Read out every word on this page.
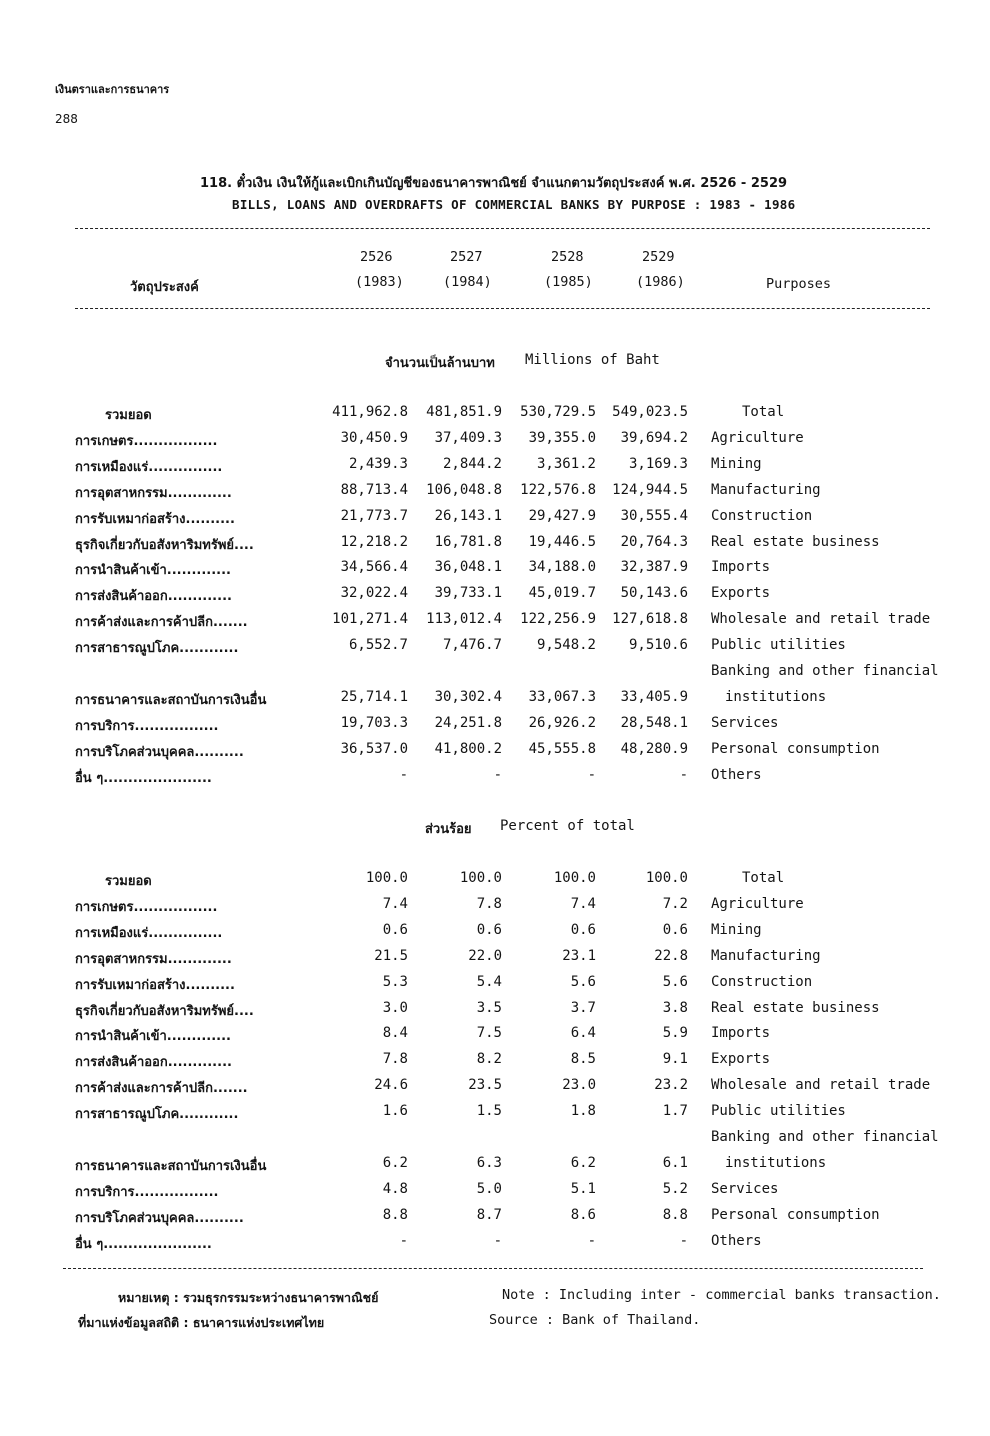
เงินตราและการธนาคาร
288
118. ตั๋วเงิน เงินให้กู้และเบิกเกินบัญชีของธนาคารพาณิชย์ จำแนกตามวัตถุประสงค์ พ.ศ. 2526 - 2529
BILLS, LOANS AND OVERDRAFTS OF COMMERCIAL BANKS BY PURPOSE : 1983 - 1986
วัตถุประสงค์	Purposes
2526	2527	2528	2529
(1983)	(1984)	(1985)	(1986)
จำนวนเป็นล้านบาท Millions of Baht
รวมยอด	411,962.8	481,851.9	530,729.5	549,023.5	Total
การเกษตร.................	30,450.9	37,409.3	39,355.0	39,694.2 Agriculture
การเหมืองแร่...............	2,439.3	2,844.2	3,361.2	3,169.3 Mining
การอุตสาหกรรม.............	88,713.4	106,048.8	122,576.8	124,944.5 Manufacturing
การรับเหมาก่อสร้าง..........	21,773.7	26,143.1	29,427.9	30,555.4 Construction
ธุรกิจเกี่ยวกับอสังหาริมทรัพย์....	12,218.2	16,781.8	19,446.5	20,764.3 Real estate business
การนำสินค้าเข้า.............	34,566.4	36,048.1	34,188.0	32,387.9 Imports
การส่งสินค้าออก.............	32,022.4	39,733.1	45,019.7	50,143.6 Exports
การค้าส่งและการค้าปลีก.......	101,271.4	113,012.4	122,256.9	127,618.8 Wholesale and retail trade
การสาธารณูปโภค............	6,552.7	7,476.7	9,548.2	9,510.6 Public utilities
Banking and other financial
การธนาคารและสถาบันการเงินอื่น	25,714.1	30,302.4	33,067.3	33,405.9	institutions
การบริการ.................	19,703.3	24,251.8	26,926.2	28,548.1 Services
การบริโภคส่วนบุคคล..........	36,537.0	41,800.2	45,555.8	48,280.9 Personal consumption
อื่น ๆ......................	-	-	-	- Others
ส่วนร้อย Percent of total
รวมยอด	100.0	100.0	100.0	100.0	Total
การเกษตร.................	7.4	7.8	7.4	7.2 Agriculture
การเหมืองแร่...............	0.6	0.6	0.6	0.6 Mining
การอุตสาหกรรม.............	21.5	22.0	23.1	22.8 Manufacturing
การรับเหมาก่อสร้าง..........	5.3	5.4	5.6	5.6 Construction
ธุรกิจเกี่ยวกับอสังหาริมทรัพย์....	3.0	3.5	3.7	3.8 Real estate business
การนำสินค้าเข้า.............	8.4	7.5	6.4	5.9 Imports
การส่งสินค้าออก.............	7.8	8.2	8.5	9.1 Exports
การค้าส่งและการค้าปลีก.......	24.6	23.5	23.0	23.2 Wholesale and retail trade
การสาธารณูปโภค............	1.6	1.5	1.8	1.7 Public utilities
Banking and other financial
การธนาคารและสถาบันการเงินอื่น	6.2	6.3	6.2	6.1	institutions
การบริการ.................	4.8	5.0	5.1	5.2 Services
การบริโภคส่วนบุคคล..........	8.8	8.7	8.6	8.8 Personal consumption
อื่น ๆ......................	-	-	-	- Others
หมายเหตุ : รวมธุรกรรมระหว่างธนาคารพาณิชย์
ที่มาแห่งข้อมูลสถิติ : ธนาคารแห่งประเทศไทย
Note : Including inter - commercial banks transaction.
Source : Bank of Thailand.
